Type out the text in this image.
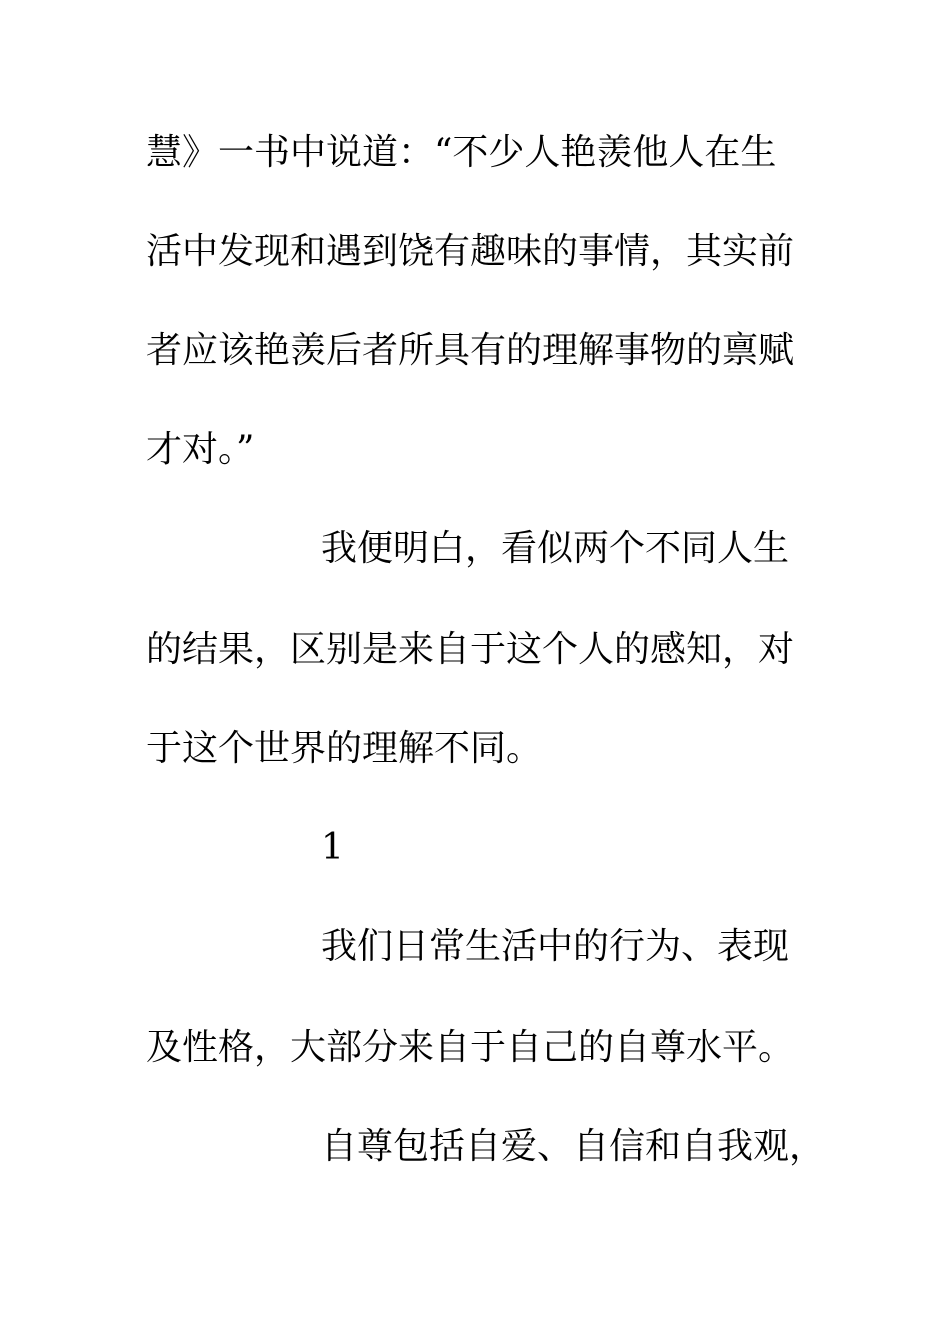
慧》一书中说道：“不少人艳羡他人在生
活中发现和遇到饶有趣味的事情，其实前
者应该艳羡后者所具有的理解事物的禀赋
才对。”
我便明白，看似两个不同人生
的结果，区别是来自于这个人的感知，对
于这个世界的理解不同。
1
我们日常生活中的行为、表现
及性格，大部分来自于自己的自尊水平。
自尊包括自爱、自信和自我观，
